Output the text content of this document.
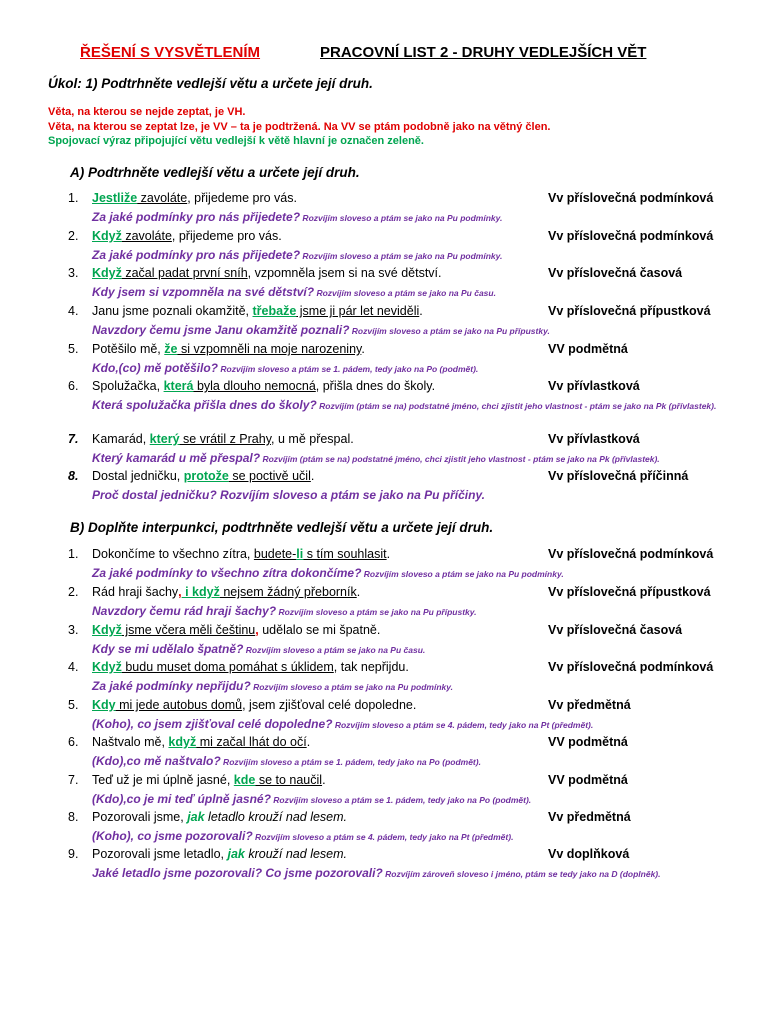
ŘEŠENÍ S VYSVĚTLENÍM	PRACOVNÍ LIST 2 - DRUHY VEDLEJŠÍCH VĚT
Úkol: 1) Podtrhněte vedlejší větu a určete její druh.
Věta, na kterou se nejde zeptat, je VH.
Věta, na kterou se zeptat lze, je VV – ta je podtržená. Na VV se ptám podobně jako na větný člen.
Spojovací výraz připojující větu vedlejší k větě hlavní je označen zeleně.
A) Podtrhněte vedlejší větu a určete její druh.
1. Jestliže zavoláte, přijedeme pro vás.	Vv příslovečná podmínková
Za jaké podmínky pro nás přijedete? Rozvíjím sloveso a ptám se jako na Pu podmínky.
2. Když zavoláte, přijedeme pro vás.	Vv příslovečná podmínková
Za jaké podmínky pro nás přijedete? Rozvíjím sloveso a ptám se jako na Pu podmínky.
3. Když začal padat první sníh, vzpomněla jsem si na své dětství.	Vv příslovečná časová
Kdy jsem si vzpomněla na své dětství? Rozvíjím sloveso a ptám se jako na Pu času.
4. Janu jsme poznali okamžitě, třebaže jsme ji pár let neviděli.	Vv příslovečná přípustková
Navzdory čemu jsme Janu okamžitě poznali? Rozvíjím sloveso a ptám se jako na Pu přípustky.
5. Potěšilo mě, že si vzpomněli na moje narozeniny.	VV podmětná
Kdo,(co) mě potěšilo? Rozvíjím sloveso a ptám se 1. pádem, tedy jako na Po (podmět).
6. Spolužačka, která byla dlouho nemocná, přišla dnes do školy.	Vv přívlastková
Která spolužačka přišla dnes do školy? Rozvíjím (ptám se na) podstatné jméno, chci zjistit jeho vlastnost - ptám se jako na Pk (přívlastek).
7. Kamarád, který se vrátil z Prahy, u mě přespal.	Vv přívlastková
Který kamarád u mě přespal? Rozvíjím (ptám se na) podstatné jméno, chci zjistit jeho vlastnost - ptám se jako na Pk (přívlastek).
8. Dostal jedničku, protože se poctivě učil.	Vv příslovečná příčinná
Proč dostal jedničku? Rozvíjím sloveso a ptám se jako na Pu příčiny.
B) Doplňte interpunkci, podtrhněte vedlejší větu a určete její druh.
1. Dokončíme to všechno zítra, budete-li s tím souhlasit.	Vv příslovečná podmínková
Za jaké podmínky to všechno zítra dokončíme? Rozvíjím sloveso a ptám se jako na Pu podmínky.
2. Rád hraji šachy, i když nejsem žádný přeborník.	Vv příslovečná přípustková
Navzdory čemu rád hraji šachy? Rozvíjím sloveso a ptám se jako na Pu přípustky.
3. Když jsme včera měli češtinu, udělalo se mi špatně.	Vv příslovečná časová
Kdy se mi udělalo špatně? Rozvíjím sloveso a ptám se jako na Pu času.
4. Když budu muset doma pomáhat s úklidem, tak nepřijdu.	Vv příslovečná podmínková
Za jaké podmínky nepřijdu? Rozvíjím sloveso a ptám se jako na Pu podmínky.
5. Kdy mi jede autobus domů, jsem zjišťoval celé dopoledne.	Vv předmětná
(Koho), co jsem zjišťoval celé dopoledne? Rozvíjím sloveso a ptám se 4. pádem, tedy jako na Pt (předmět).
6. Naštvalo mě, když mi začal lhát do očí.	VV podmětná
(Kdo),co mě naštvalo? Rozvíjím sloveso a ptám se 1. pádem, tedy jako na Po (podmět).
7. Teď už je mi úplně jasné, kde se to naučil.	VV podmětná
(Kdo),co je mi teď úplně jasné? Rozvíjím sloveso a ptám se 1. pádem, tedy jako na Po (podmět).
8. Pozorovali jsme, jak letadlo krouží nad lesem.	Vv předmětná
(Koho), co jsme pozorovali? Rozvíjím sloveso a ptám se 4. pádem, tedy jako na Pt (předmět).
9. Pozorovali jsme letadlo, jak krouží nad lesem.	Vv doplňková
Jaké letadlo jsme pozorovali? Co jsme pozorovali? Rozvíjím zároveň sloveso i jméno, ptám se tedy jako na D (doplněk).
